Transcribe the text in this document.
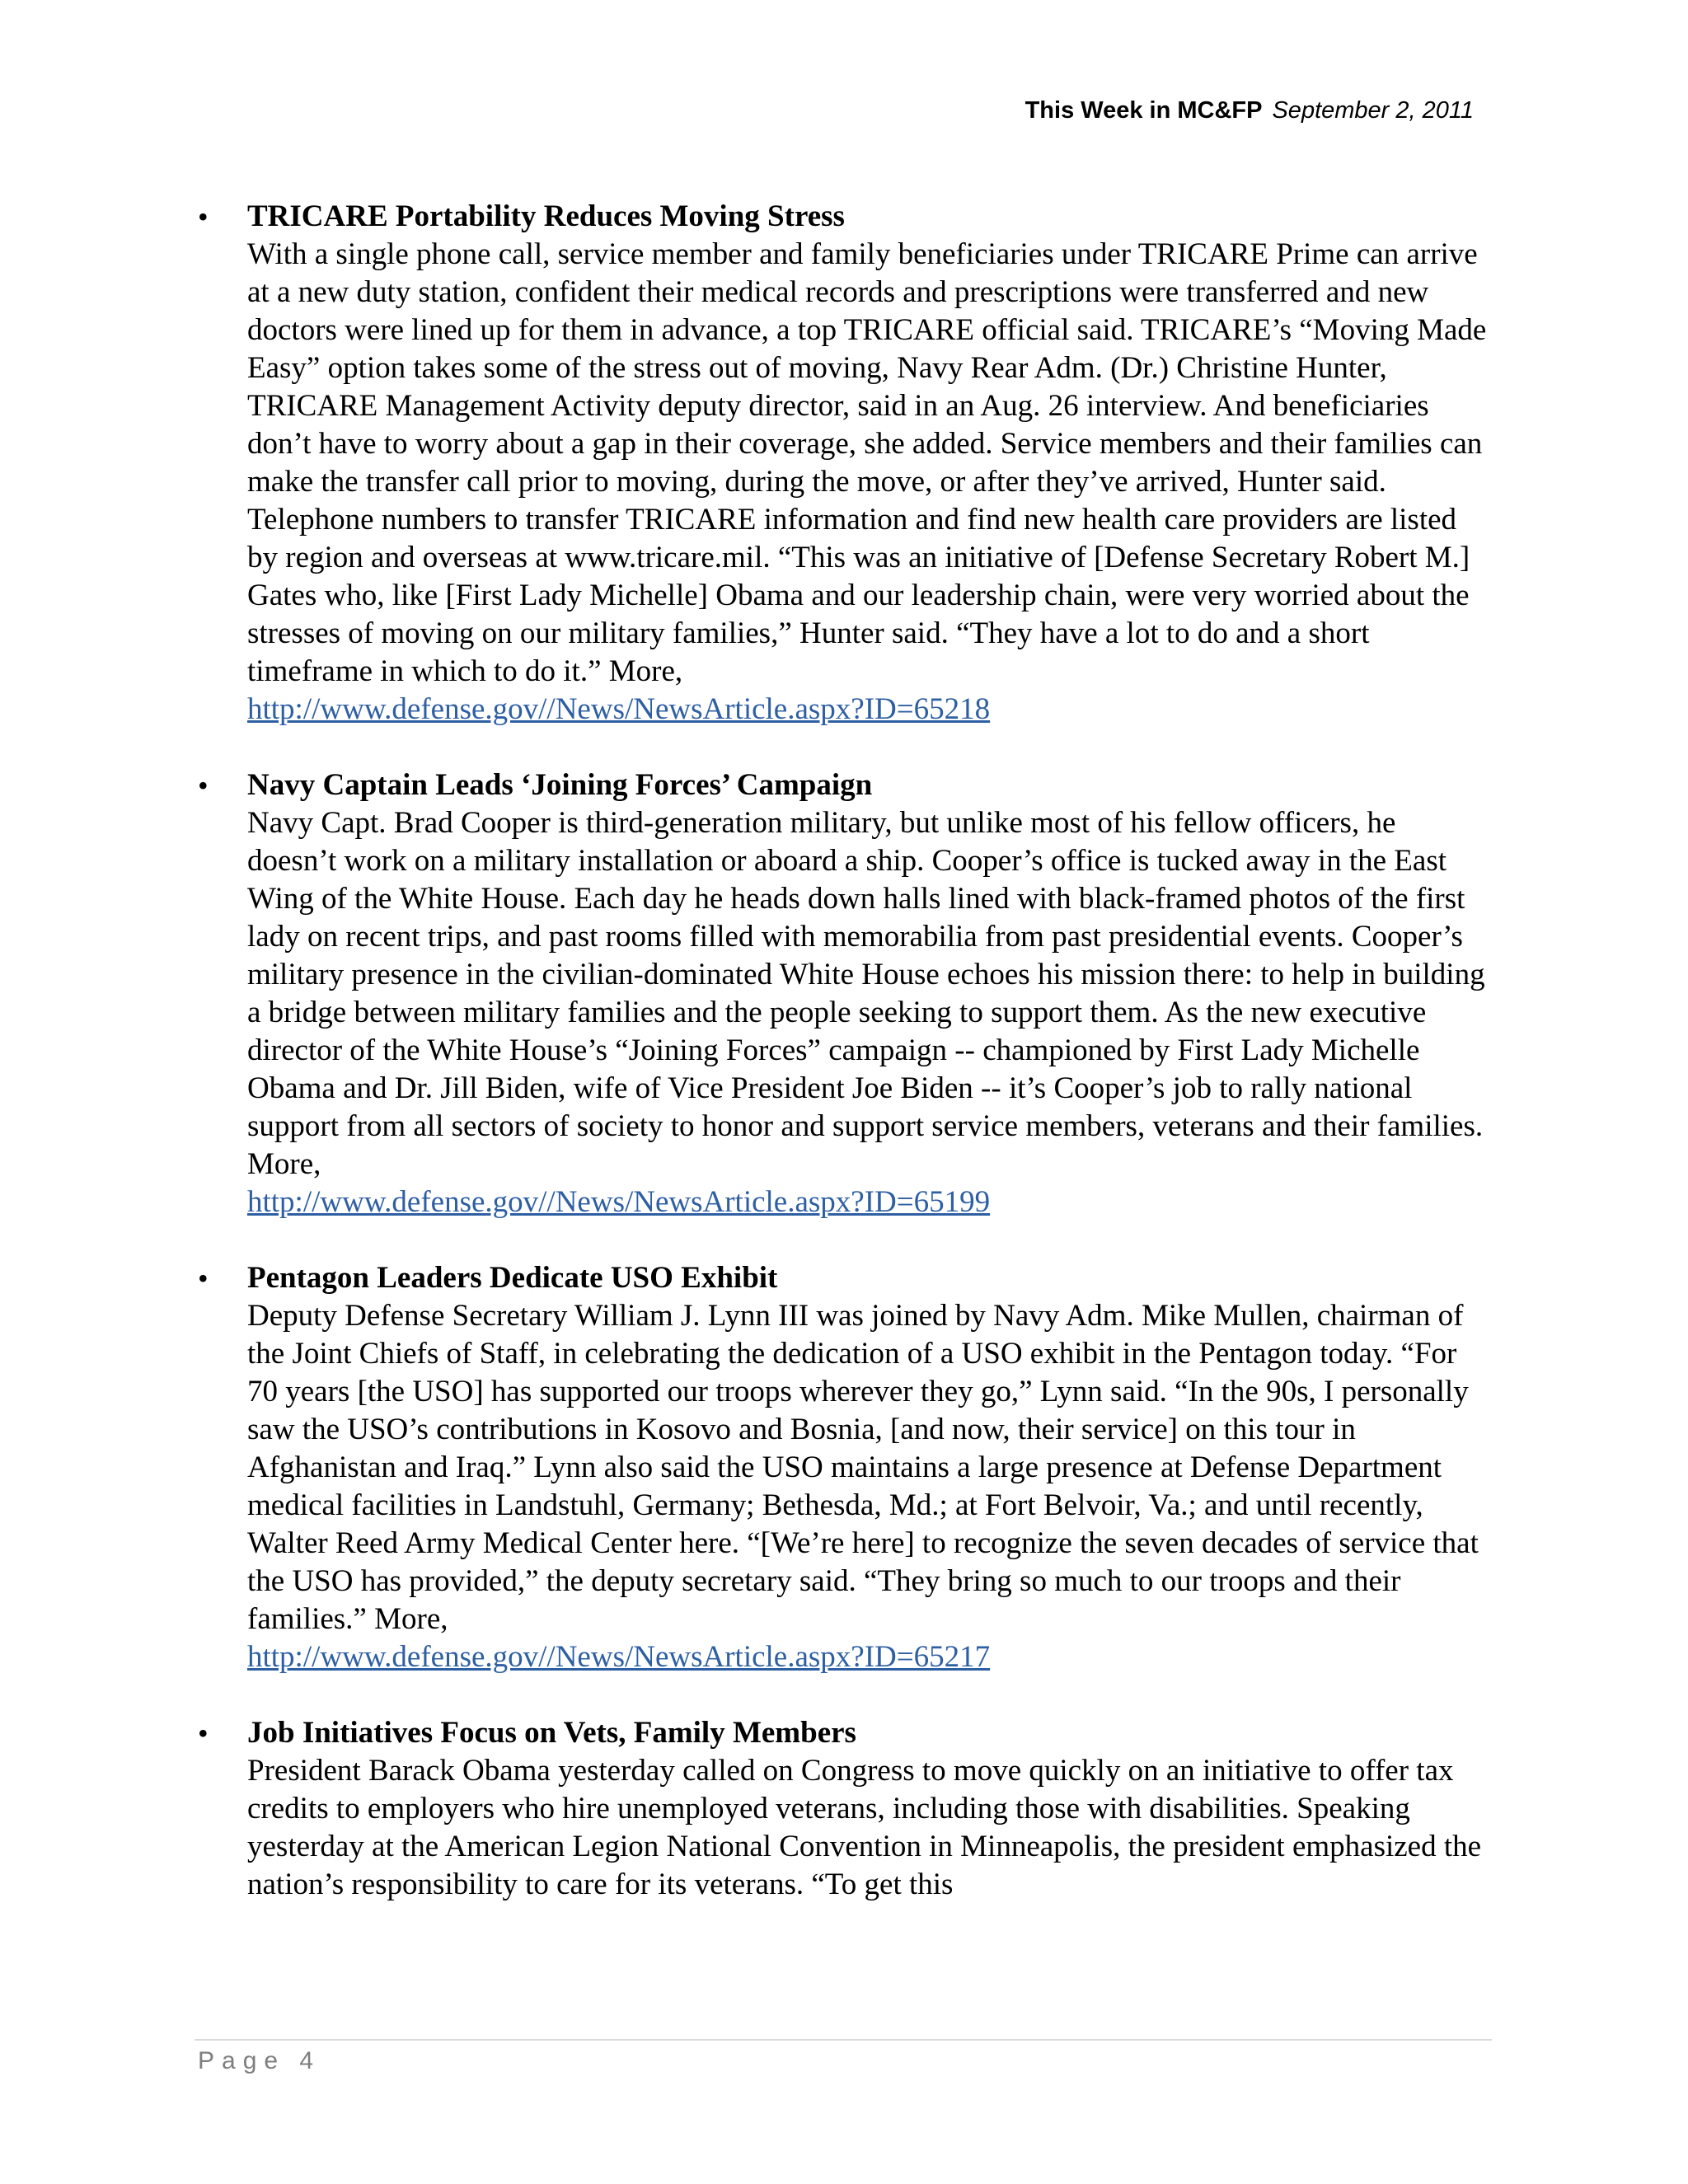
This Week in MC&FP September 2, 2011
• TRICARE Portability Reduces Moving Stress
With a single phone call, service member and family beneficiaries under TRICARE Prime can arrive at a new duty station, confident their medical records and prescriptions were transferred and new doctors were lined up for them in advance, a top TRICARE official said. TRICARE’s “Moving Made Easy” option takes some of the stress out of moving, Navy Rear Adm. (Dr.) Christine Hunter, TRICARE Management Activity deputy director, said in an Aug. 26 interview. And beneficiaries don’t have to worry about a gap in their coverage, she added. Service members and their families can make the transfer call prior to moving, during the move, or after they’ve arrived, Hunter said. Telephone numbers to transfer TRICARE information and find new health care providers are listed by region and overseas at www.tricare.mil. “This was an initiative of [Defense Secretary Robert M.] Gates who, like [First Lady Michelle] Obama and our leadership chain, were very worried about the stresses of moving on our military families,” Hunter said. “They have a lot to do and a short timeframe in which to do it.” More,
http://www.defense.gov//News/NewsArticle.aspx?ID=65218
• Navy Captain Leads ‘Joining Forces’ Campaign
Navy Capt. Brad Cooper is third-generation military, but unlike most of his fellow officers, he doesn’t work on a military installation or aboard a ship. Cooper’s office is tucked away in the East Wing of the White House. Each day he heads down halls lined with black-framed photos of the first lady on recent trips, and past rooms filled with memorabilia from past presidential events. Cooper’s military presence in the civilian-dominated White House echoes his mission there: to help in building a bridge between military families and the people seeking to support them. As the new executive director of the White House’s “Joining Forces” campaign -- championed by First Lady Michelle Obama and Dr. Jill Biden, wife of Vice President Joe Biden -- it’s Cooper’s job to rally national support from all sectors of society to honor and support service members, veterans and their families. More,
http://www.defense.gov//News/NewsArticle.aspx?ID=65199
• Pentagon Leaders Dedicate USO Exhibit
Deputy Defense Secretary William J. Lynn III was joined by Navy Adm. Mike Mullen, chairman of the Joint Chiefs of Staff, in celebrating the dedication of a USO exhibit in the Pentagon today. “For 70 years [the USO] has supported our troops wherever they go,” Lynn said. “In the 90s, I personally saw the USO’s contributions in Kosovo and Bosnia, [and now, their service] on this tour in Afghanistan and Iraq.” Lynn also said the USO maintains a large presence at Defense Department medical facilities in Landstuhl, Germany; Bethesda, Md.; at Fort Belvoir, Va.; and until recently, Walter Reed Army Medical Center here. “[We’re here] to recognize the seven decades of service that the USO has provided,” the deputy secretary said. “They bring so much to our troops and their families.” More,
http://www.defense.gov//News/NewsArticle.aspx?ID=65217
• Job Initiatives Focus on Vets, Family Members
President Barack Obama yesterday called on Congress to move quickly on an initiative to offer tax credits to employers who hire unemployed veterans, including those with disabilities. Speaking yesterday at the American Legion National Convention in Minneapolis, the president emphasized the nation’s responsibility to care for its veterans. “To get this
Page 4
